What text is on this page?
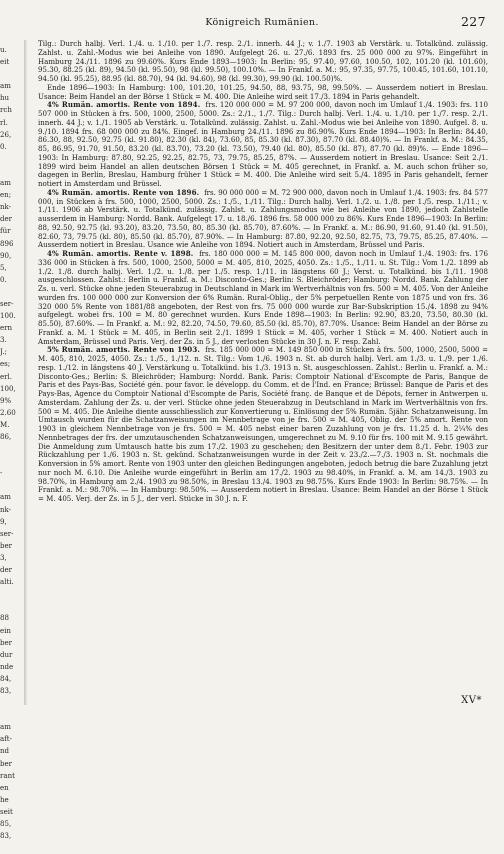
u.
eit
am
hu
rch
rl.
26,
0.
am
en;
nk-
der
für
896
90,
5,
0.
ser-
100.
ern
3.
J.;
es;
erl.
100,
9%
2.60
M.
86,
-
am
nk-
9,
ser-
ber
3,
der
alti.
88
ein
ber
dur
nde
84,
83,
am
aft-
nd
ber
rant
en
he
seit
85,
83,
Königreich Rumänien.	227

Tilg.: Durch halbj. Verl. 1./4. u. 1./10. per 1./7. resp. 2./1. innerh. 44 J.; v. 1./7. 1903 ab Verstärk. u. Totalkünd. zulässig. Zahlst. u. Zahl.-Modus wie bei Anleihe von 1890. Aufgelegt 26. u. 27./6. 1893 frs. 25 000 000 zu 97%. Eingeführt in Hamburg 24./11. 1896 zu 99.60%. Kurs Ende 1893—1903: In Berlin: 95, 97.40, 97.60, 100.50, 102, 101.20 (kl. 101.60), 95.30, 88.25 (kl. 89), 94.50 (kl. 95.50), 98 (kl. 99.50), 100.10%. — In Frankf. a. M.: 95, 97.35, 97.75, 100.45, 101.60, 101.10, 94.50 (kl. 95.25), 88.95 (kl. 88.70), 94 (kl. 94.60), 98 (kl. 99.30), 99.90 (kl. 100.50)%.

Ende 1896—1903: In Hamburg: 100, 101.20, 101.25, 94.50, 88, 93.75, 98, 99.50%. — Ausserdem notiert in Breslau. Usance: Beim Handel an der Börse 1 Stück = M. 400. Die Anleihe wird seit 17./3. 1894 in Paris gehandelt.

4% Rumän. amortis. Rente von 1894. frs. 120 000 000 = M. 97 200 000, davon noch im Umlauf 1./4. 1903: frs. 110 507 000 in Stücken à frs. 500, 1000, 2500, 5000. Zs.: 2./1., 1./7. Tilg.: Durch halbj. Verl. 1./4. u. 1./10. per 1./7. resp. 2./1. innerh. 44 J.; v. 1./1. 1905 ab Verstärk. u. Totalkünd. zulässig. Zahlst. u. Zahl.-Modus wie bei Anleihe von 1890. Aufgel. 8. u. 9./10. 1894 frs. 68 000 000 zu 84%. Eingef. in Hamburg 24./11. 1896 zu 86.90%. Kurs Ende 1894—1903: In Berlin: 84.40, 86.30, 88, 92.50, 92.75 (kl. 91.80), 82.30 (kl. 84), 73.60, 85, 85.30 (kl. 87.30), 87.70 (kl. 88.40)%. — In Frankf. a. M.: 84.35, 85, 86.95, 91.70, 91.50, 83.20 (kl. 83.70), 73.20 (kl. 73.50), 79.40 (kl. 80), 85.50 (kl. 87), 87.70 (kl. 89)%. — Ende 1896—1903: In Hamburg: 87.80, 92.25, 92.25, 82.75, 73, 79.75, 85.25, 87%. — Ausserdem notiert in Breslau. Usance: Seit 2./1. 1899 wird beim Handel an allen deutschen Börsen 1 Stück = M. 405 gerechnet, in Frankf. a. M. auch schon früher so, dagegen in Berlin, Breslau, Hamburg früher 1 Stück = M. 400. Die Anleihe wird seit 5./4. 1895 in Paris gehandelt, ferner notiert in Amsterdam und Brüssel.

4% Rumän. amortis. Rente von 1896. frs. 90 000 000 = M. 72 900 000, davon noch in Umlauf 1./4. 1903: frs. 84 577 000, in Stücken à frs. 500, 1000, 2500, 5000. Zs.: 1./5., 1./11. Tilg.: Durch halbj. Verl. 1./2. u. 1./8. per 1./5. resp. 1./11.; v. 1./11. 1906 ab Verstärk. u. Totalkünd. zulässig. Zahlst. u. Zahlungsmodus wie bei Anleihe von 1890, jedoch Zahlstelle ausserdem in Hamburg: Nordd. Bank. Aufgelegt 17. u. 18./6. 1896 frs. 58 000 000 zu 86%. Kurs Ende 1896—1903: In Berlin: 88, 92.50, 92.75 (kl. 93.20), 83.20, 73.50, 80, 85.30 (kl. 85.70), 87.60%. — In Frankf. a. M.: 86.90, 91.60, 91.40 (kl. 91.50), 82.60, 73, 79.75 (kl. 80), 85.50 (kl. 85.70), 87.90%. — In Hamburg: 87.80, 92.20, 92.50, 82.75, 73, 79.75, 85.25, 87.40%. — Ausserdem notiert in Breslau. Usance wie Anleihe von 1894. Notiert auch in Amsterdam, Brüssel und Paris.

4% Rumän. amortis. Rente v. 1898. frs. 180 000 000 = M. 145 800 000, davon noch in Umlauf 1./4. 1903: frs. 176 336 000 in Stücken à frs. 500, 1000, 2500, 5000 = M. 405, 810, 2025, 4050. Zs.: 1./5., 1./11. u. St. Tilg.: Vom 1./2. 1899 ab 1./2. 1./8. durch halbj. Verl. 1./2. u. 1./8. per 1./5. resp. 1./11. in längstens 60 J.; Verst. u. Totalkünd. bis 1./11. 1908 ausgeschlossen. Zahlst.: Berlin u. Frankf. a. M.: Disconto-Ges.; Berlin: S. Bleichröder; Hamburg: Nordd. Bank. Zahlung der Zs. u. verl. Stücke ohne jeden Steuerabzug in Deutschland in Mark im Wertverhältnis von frs. 500 = M. 405. Von der Anleihe wurden frs. 100 000 000 zur Konversion der 6% Rumän. Rural-Oblig., der 5% perpetuellen Rente von 1875 und von frs. 36 320 000 5% Rente von 1881/88 angeboten, der Rest von frs. 75 000 000 wurde zur Bar-Subskription 15./4. 1898 zu 94% aufgelegt. wobei frs. 100 = M. 80 gerechnet wurden. Kurs Ende 1898—1903: In Berlin: 92.90, 83.20, 73.50, 80.30 (kl. 85.50), 87.60%. — In Frankf. a. M.: 92, 82.20, 74.50, 79.60, 85.50 (kl. 85.70), 87.70%. Usance: Beim Handel an der Börse zu Frankf. a. M. 1 Stück = M. 405, in Berlin seit 2./1. 1899 1 Stück = M. 405, vorher 1 Stück = M. 400. Notiert auch in Amsterdam, Brüssel und Paris. Verj. der Zs. in 5 J., der verlosten Stücke in 30 J. n. F. resp. Zahl.

5% Rumän. amortis. Rente von 1903. frs. 185 000 000 = M. 149 850 000 in Stücken à frs. 500, 1000, 2500, 5000 = M. 405, 810, 2025, 4050. Zs.: 1./5., 1./12. n. St. Tilg.: Vom 1./6. 1903 n. St. ab durch halbj. Verl. am 1./3. u. 1./9. per 1./6. resp. 1./12. in längstens 40 J. Verstärkung u. Totalkünd. bis 1./3. 1913 n. St. ausgeschlossen. Zahlst.: Berlin u. Frankf. a. M.: Disconto-Ges.; Berlin: S. Bleichröder; Hamburg: Nordd. Bank. Paris: Comptoir National d'Escompte de Paris, Banque de Paris et des Pays-Bas, Société gén. pour favor. le développ. du Comm. et de l'Ind. en France; Brüssel: Banque de Paris et des Pays-Bas, Agence du Comptoir National d'Escompte de Paris, Société franç. de Banque et de Dépots, ferner in Antwerpen u. Amsterdam. Zahlung der Zs. u. der verl. Stücke ohne jeden Steuerabzug in Deutschland in Mark im Wertverhältnis von frs. 500 = M. 405. Die Anleihe diente ausschliesslich zur Konvertierung u. Einlösung der 5% Rumän. 5jähr. Schatzanweisung. Im Umtausch wurden für die Schatzanweisungen im Nennbetrage von je frs. 500 = M. 405, Oblig. der 5% amort. Rente von 1903 in gleichem Nennbetrage von je frs. 500 = M. 405 nebst einer baren Zuzahlung von je frs. 11.25 d. h. 2¼% des Nennbetrages der frs. der umzutauschenden Schatzanweisungen, umgerechnet zu M. 9.10 für frs. 100 mit M. 9.15 gewährt. Die Anmeldung zum Umtausch hatte bis zum 17./2. 1903 zu geschehen; den Besitzern der unter dem 8./1. Febr. 1903 zur Rückzahlung per 1./6. 1903 n. St. gekünd. Schatzanweisungen wurde in der Zeit v. 23./2.—7./3. 1903 n. St. nochmals die Konversion in 5% amort. Rente von 1903 unter den gleichen Bedingungen angeboten, jedoch betrug die bare Zuzahlung jetzt nur noch M. 6.10. Die Anleihe wurde eingeführt in Berlin am 17./2. 1903 zu 98.40%, in Frankf. a. M. am 14./3. 1903 zu 98.70%, in Hamburg am 2./4. 1903 zu 98.50%, in Breslau 13./4. 1903 zu 98.75%. Kurs Ende 1903: In Berlin: 98.75%. — In Frankf. a. M.: 98.70%. — In Hamburg: 98.50%. — Ausserdem notiert in Breslau. Usance: Beim Handel an der Börse 1 Stück = M. 405. Verj. der Zs. in 5 J., der verl. Stücke in 30 J. n. F.

XV*
